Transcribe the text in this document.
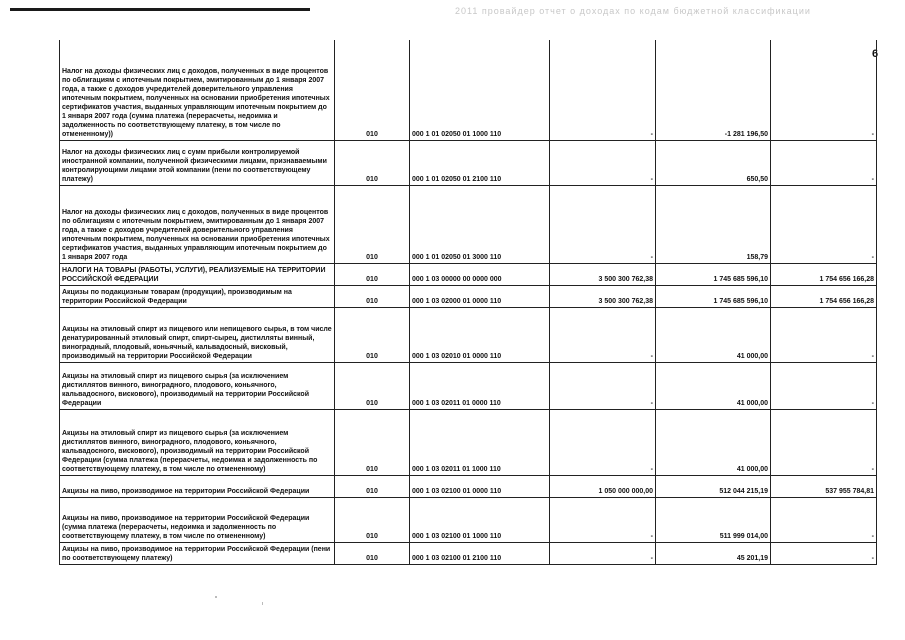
2011 провайдер отчет о доходах по кодам бюджетной классификации
6
Налог на доходы физических лиц с доходов, полученных в виде процентов по облигациям с ипотечным покрытием, эмитированным до 1 января 2007 года, а также с доходов учредителей доверительного управления ипотечным покрытием, полученных на основании приобретения ипотечных сертификатов участия, выданных управляющим ипотечным покрытием до 1 января 2007 года (сумма платежа (перерасчеты, недоимка и задолженность по соответствующему платежу, в том числе по отмененному))	010	000 1 01 02050 01 1000 110	-	-1 281 196,50	-
Налог на доходы физических лиц с сумм прибыли контролируемой иностранной компании, полученной физическими лицами, признаваемыми контролирующими лицами этой компании (пени по соответствующему платежу)	010	000 1 01 02050 01 2100 110	-	650,50	-
Налог на доходы физических лиц с доходов, полученных в виде процентов по облигациям с ипотечным покрытием, эмитированным до 1 января 2007 года, а также с доходов учредителей доверительного управления ипотечным покрытием, полученных на основании приобретения ипотечных сертификатов участия, выданных управляющим ипотечным покрытием до 1 января 2007 года	010	000 1 01 02050 01 3000 110	-	158,79	-
НАЛОГИ НА ТОВАРЫ (РАБОТЫ, УСЛУГИ), РЕАЛИЗУЕМЫЕ НА ТЕРРИТОРИИ РОССИЙСКОЙ ФЕДЕРАЦИИ	010	000 1 03 00000 00 0000 000	3 500 300 762,38	1 745 685 596,10	1 754 656 166,28
Акцизы по подакцизным товарам (продукции), производимым на территории Российской Федерации	010	000 1 03 02000 01 0000 110	3 500 300 762,38	1 745 685 596,10	1 754 656 166,28
Акцизы на этиловый спирт из пищевого или непищевого сырья, в том числе денатурированный этиловый спирт, спирт-сырец, дистилляты винный, виноградный, плодовый, коньячный, кальвадосный, висковый, производимый на территории Российской Федерации	010	000 1 03 02010 01 0000 110	-	41 000,00	-
Акцизы на этиловый спирт из пищевого сырья (за исключением дистиллятов винного, виноградного, плодового, коньячного, кальвадосного, вискового), производимый на территории Российской Федерации	010	000 1 03 02011 01 0000 110	-	41 000,00	-
Акцизы на этиловый спирт из пищевого сырья (за исключением дистиллятов винного, виноградного, плодового, коньячного, кальвадосного, вискового), производимый на территории Российской Федерации (сумма платежа (перерасчеты, недоимка и задолженность по соответствующему платежу, в том числе по отмененному)	010	000 1 03 02011 01 1000 110	-	41 000,00	-
Акцизы на пиво, производимое на территории Российской Федерации	010	000 1 03 02100 01 0000 110	1 050 000 000,00	512 044 215,19	537 955 784,81
Акцизы на пиво, производимое на территории Российской Федерации (сумма платежа (перерасчеты, недоимка и задолженность по соответствующему платежу, в том числе по отмененному)	010	000 1 03 02100 01 1000 110	-	511 999 014,00	-
Акцизы на пиво, производимое на территории Российской Федерации (пени по соответствующему платежу)	010	000 1 03 02100 01 2100 110	-	45 201,19	-
